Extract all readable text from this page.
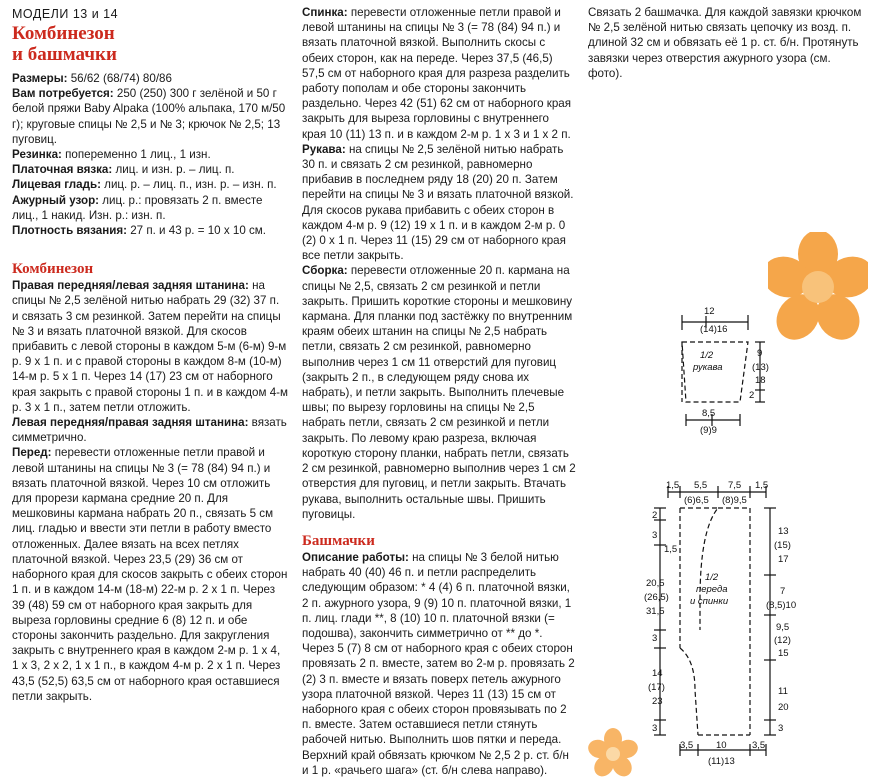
МОДЕЛИ 13 и 14
Комбинезон
и башмачки

Размеры: 56/62 (68/74) 80/86

Вам потребуется: 250 (250) 300 г зелёной и 50 г белой пряжи Baby Alpaka (100% альпака, 170 м/50 г); круговые спицы № 2,5 и № 3; крючок № 2,5; 13 пуговиц.

Резинка: попеременно 1 лиц., 1 изн.

Платочная вязка: лиц. и изн. р. – лиц. п.

Лицевая гладь: лиц. р. – лиц. п., изн. р. – изн. п.

Ажурный узор: лиц. р.: провязать 2 п. вместе лиц., 1 накид. Изн. р.: изн. п.

Плотность вязания: 27 п. и 43 р. = 10 х 10 см.

Комбинезон

Правая передняя/левая задняя штанина: на спицы № 2,5 зелёной нитью набрать 29 (32) 37 п. и связать 3 см резинкой. Затем перейти на спицы № 3 и вязать платочной вязкой. Для скосов прибавить с левой стороны в каждом 5-м (6-м) 9-м р. 9 х 1 п. и с правой стороны в каждом 8-м (10-м) 14-м р. 5 х 1 п. Через 14 (17) 23 см от наборного края закрыть с правой стороны 1 п. и в каждом 4-м р. 3 х 1 п., затем петли отложить.

Левая передняя/правая задняя штанина: вязать симметрично.

Перед: перевести отложенные петли правой и левой штанины на спицы № 3 (= 78 (84) 94 п.) и вязать платочной вязкой. Через 10 см отложить для прорези кармана средние 20 п. Для мешковины кармана набрать 20 п., связать 5 см лиц. гладью и ввести эти петли в работу вместо отложенных. Далее вязать на всех петлях платочной вязкой. Через 23,5 (29) 36 см от наборного края для скосов закрыть с обеих сторон 1 п. и в каждом 14-м (18-м) 22-м р. 2 х 1 п. Через 39 (48) 59 см от наборного края закрыть для выреза горловины средние 6 (8) 12 п. и обе стороны закончить раздельно. Для закругления закрыть с внутреннего края в каждом 2-м р. 1 х 4, 1 х 3, 2 х 2, 1 х 1 п., в каждом 4-м р. 2 х 1 п. Через 43,5 (52,5) 63,5 см от наборного края оставшиеся петли закрыть.

Спинка: перевести отложенные петли правой и левой штанины на спицы № 3 (= 78 (84) 94 п.) и вязать платочной вязкой. Выполнить скосы с обеих сторон, как на переде. Через 37,5 (46,5) 57,5 см от наборного края для разреза разделить работу пополам и обе стороны закончить раздельно. Через 42 (51) 62 см от наборного края закрыть для выреза горловины с внутреннего края 10 (11) 13 п. и в каждом 2-м р. 1 х 3 и 1 х 2 п.

Рукава: на спицы № 2,5 зелёной нитью набрать 30 п. и связать 2 см резинкой, равномерно прибавив в последнем ряду 18 (20) 20 п. Затем перейти на спицы № 3 и вязать платочной вязкой. Для скосов рукава прибавить с обеих сторон в каждом 4-м р. 9 (12) 19 х 1 п. и в каждом 2-м р. 0 (2) 0 х 1 п. Через 11 (15) 29 см от наборного края все петли закрыть.

Сборка: перевести отложенные 20 п. кармана на спицы № 2,5, связать 2 см резинкой и петли закрыть. Пришить короткие стороны и мешковину кармана. Для планки под застёжку по внутренним краям обеих штанин на спицы № 2,5 набрать петли, связать 2 см резинкой, равномерно выполнив через 1 см 11 отверстий для пуговиц (закрыть 2 п., в следующем ряду снова их набрать), и петли закрыть. Выполнить плечевые швы; по вырезу горловины на спицы № 2,5 набрать петли, связать 2 см резинкой и петли закрыть. По левому краю разреза, включая короткую сторону планки, набрать петли, связать 2 см резинкой, равномерно выполнив через 1 см 2 отверстия для пуговиц, и петли закрыть. Втачать рукава, выполнить остальные швы. Пришить пуговицы.

Башмачки

Описание работы: на спицы № 3 белой нитью набрать 40 (40) 46 п. и петли распределить следующим образом: * 4 (4) 6 п. платочной вязки, 2 п. ажурного узора, 9 (9) 10 п. платочной вязки, 1 п. лиц. глади **, 8 (10) 10 п. платочной вязки (= подошва), закончить симметрично от ** до *. Через 5 (7) 8 см от наборного края с обеих сторон провязать 2 п. вместе, затем во 2-м р. провязать 2 (2) 3 п. вместе и вязать поверх петель ажурного узора платочной вязкой. Через 11 (13) 15 см от наборного края с обеих сторон провязывать по 2 п. вместе. Затем оставшиеся петли стянуть рабочей нитью. Выполнить шов пятки и переда. Верхний край обвязать крючком № 2,5 2 р. ст. б/н и 1 р. «рачьего шага» (ст. б/н слева направо).

Связать 2 башмачка. Для каждой завязки крючком № 2,5 зелёной нитью связать цепочку из возд. п. длиной 32 см и обвязать её 1 р. ст. б/н. Протянуть завязки через отверстия ажурного узора (см. фото).

12
(14)16
1/2
рукава
9
(13)
18
2
8,5
(9)9
1,5 5,5 7,5 1,5
(6)6,5 (8)9,5
1/2
переда
и спинки
2
3
1,5
20,5
(26,5)
31,5
3
14
(17)
23
3
13
(15)
17
7
(8,5)10
9,5
(12)
15
11
20
3
3,5 10	3,5
(11)13
